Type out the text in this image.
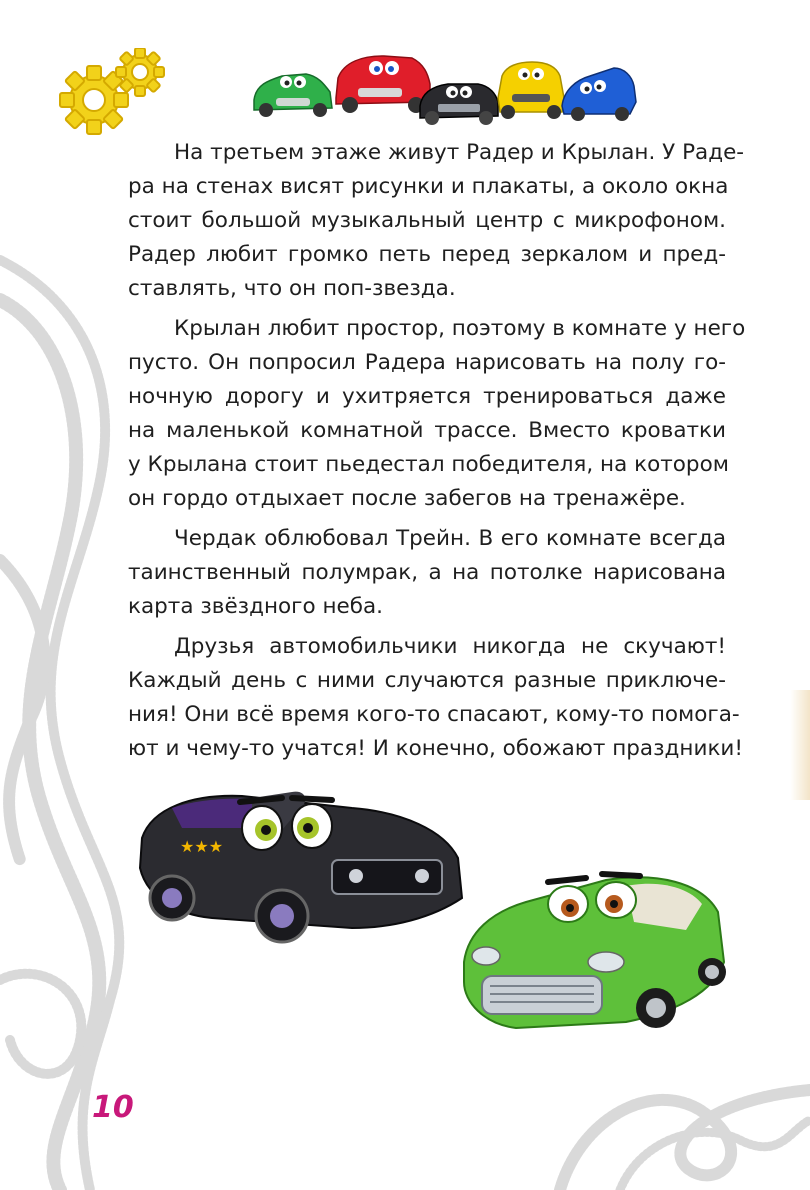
На третьем этаже живут Радер и Крылан. У Раде-
ра на стенах висят рисунки и плакаты, а около окна
стоит большой музыкальный центр с микрофоном.
Радер любит громко петь перед зеркалом и пред-
ставлять, что он поп-звезда.
Крылан любит простор, поэтому в комнате у него
пусто. Он попросил Радера нарисовать на полу го-
ночную дорогу и ухитряется тренироваться даже
на маленькой комнатной трассе. Вместо кроватки
у Крылана стоит пьедестал победителя, на котором
он гордо отдыхает после забегов на тренажёре.
Чердак облюбовал Трейн. В его комнате всегда
таинственный полумрак, а на потолке нарисована
карта звёздного неба.
Друзья автомобильчики никогда не скучают!
Каждый день с ними случаются разные приключе-
ния! Они всё время кого-то спасают, кому-то помога-
ют и чему-то учатся! И конечно, обожают праздники!
★★★
10
